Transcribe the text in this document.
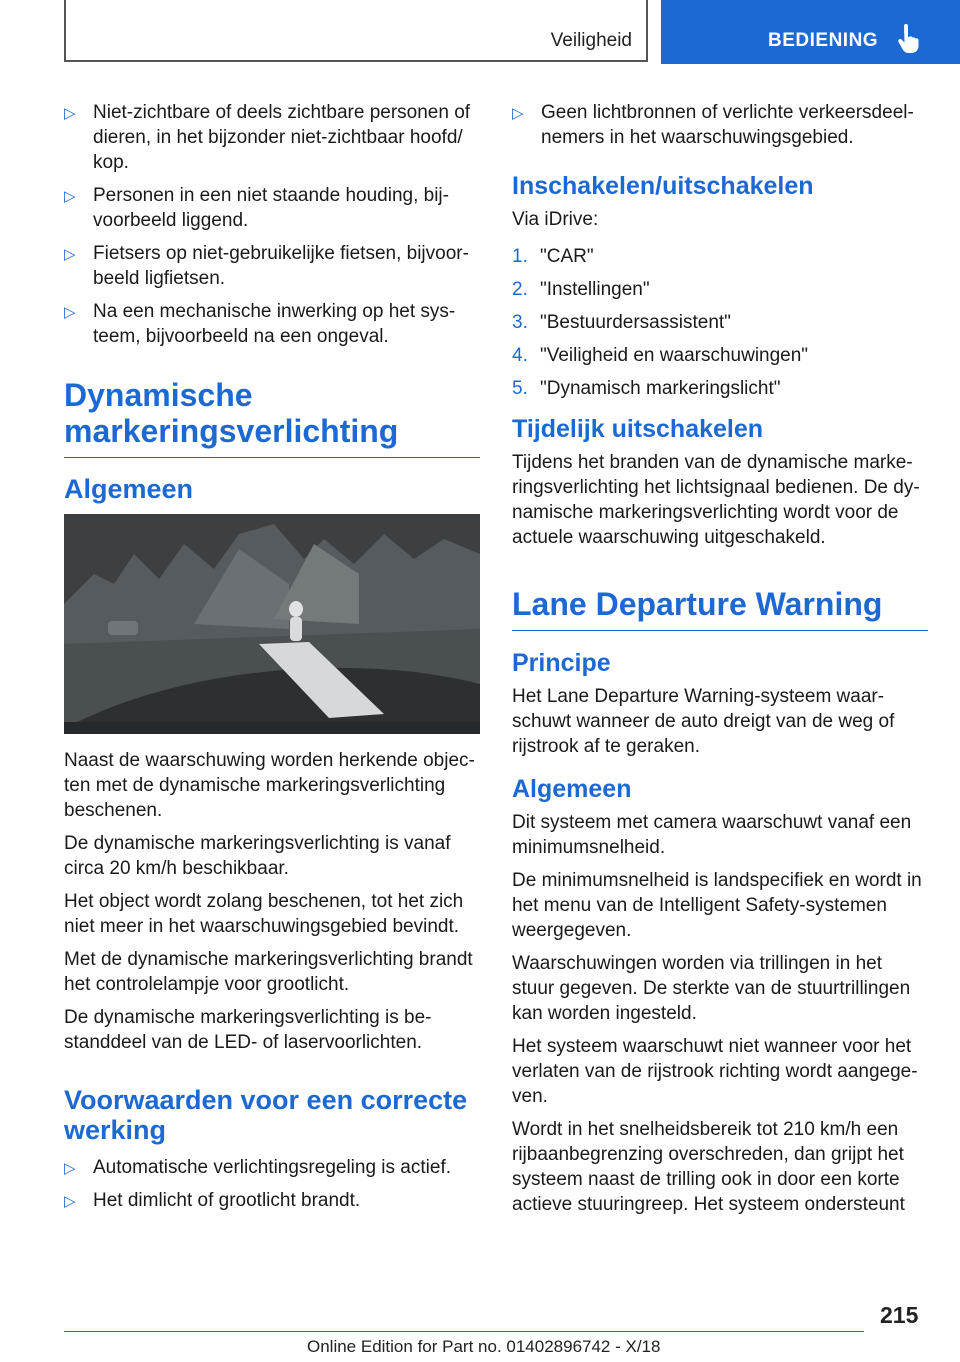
Veiligheid	BEDIENING
▷ Niet-zichtbare of deels zichtbare personen of dieren, in het bijzonder niet-zichtbaar hoofd/ kop.
▷ Personen in een niet staande houding, bij- voorbeeld liggend.
▷ Fietsers op niet-gebruikelijke fietsen, bijvoor- beeld ligfietsen.
▷ Na een mechanische inwerking op het sys- teem, bijvoorbeeld na een ongeval.
Dynamische markeringsverlichting
Algemeen

Naast de waarschuwing worden herkende objec- ten met de dynamische markeringsverlichting beschenen.

De dynamische markeringsverlichting is vanaf circa 20 km/h beschikbaar.

Het object wordt zolang beschenen, tot het zich niet meer in het waarschuwingsgebied bevindt.

Met de dynamische markeringsverlichting brandt het controlelampje voor grootlicht.

De dynamische markeringsverlichting is be- standdeel van de LED- of laservoorlichten.

Voorwaarden voor een correcte werking
▷ Automatische verlichtingsregeling is actief.
▷ Het dimlicht of grootlicht brandt.
▷ Geen lichtbronnen of verlichte verkeersdeel- nemers in het waarschuwingsgebied.
Inschakelen/uitschakelen

Via iDrive:

1. "CAR"
2. "Instellingen"
3. "Bestuurdersassistent"
4. "Veiligheid en waarschuwingen"
5. "Dynamisch markeringslicht"
Tijdelijk uitschakelen

Tijdens het branden van de dynamische marke- ringsverlichting het lichtsignaal bedienen. De dy- namische markeringsverlichting wordt voor de actuele waarschuwing uitgeschakeld.

Lane Departure Warning
Principe

Het Lane Departure Warning-systeem waar- schuwt wanneer de auto dreigt van de weg of rijstrook af te geraken.

Algemeen

Dit systeem met camera waarschuwt vanaf een minimumsnelheid.

De minimumsnelheid is landspecifiek en wordt in het menu van de Intelligent Safety-systemen weergegeven.

Waarschuwingen worden via trillingen in het stuur gegeven. De sterkte van de stuurtrillingen kan worden ingesteld.

Het systeem waarschuwt niet wanneer voor het verlaten van de rijstrook richting wordt aangege- ven.

Wordt in het snelheidsbereik tot 210 km/h een rijbaanbegrenzing overschreden, dan grijpt het systeem naast de trilling ook in door een korte actieve stuuringreep. Het systeem ondersteunt

215
Online Edition for Part no. 01402896742 - X/18
